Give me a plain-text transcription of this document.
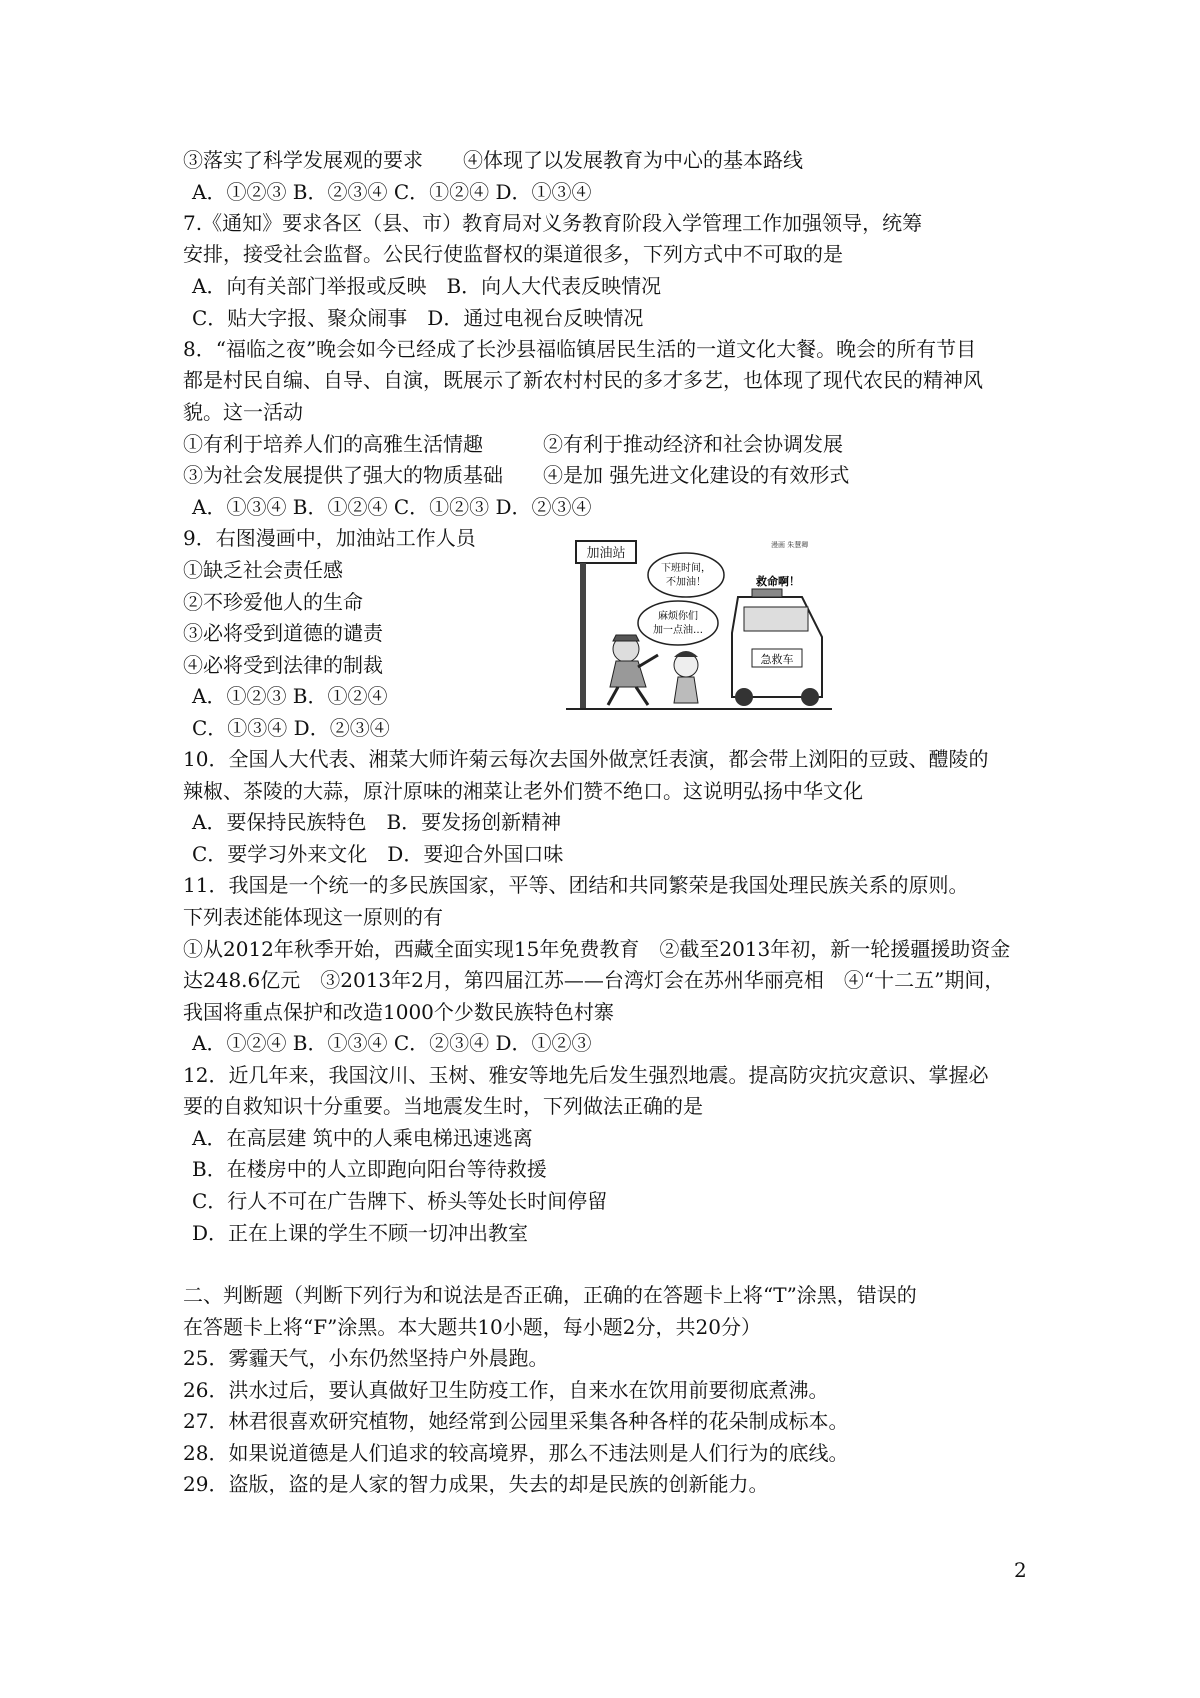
③落实了科学发展观的要求　　④体现了以发展教育为中心的基本路线
A．①②③ B．②③④ C．①②④ D．①③④
7.《通知》要求各区（县、市）教育局对义务教育阶段入学管理工作加强领导，统筹
安排，接受社会监督。公民行使监督权的渠道很多，下列方式中不可取的是
A．向有关部门举报或反映　B．向人大代表反映情况
C．贴大字报、聚众闹事　D．通过电视台反映情况
8．“福临之夜”晚会如今已经成了长沙县福临镇居民生活的一道文化大餐。晚会的所有节目
都是村民自编、自导、自演，既展示了新农村村民的多才多艺，也体现了现代农民的精神风
貌。这一活动
①有利于培养人们的高雅生活情趣　　　②有利于推动经济和社会协调发展
③为社会发展提供了强大的物质基础　　④是加 强先进文化建设的有效形式
A．①③④ B．①②④ C．①②③ D．②③④
9．右图漫画中，加油站工作人员
①缺乏社会责任感
②不珍爱他人的生命
③必将受到道德的谴责
④必将受到法律的制裁
A．①②③ B．①②④
C．①③④ D．②③④
10．全国人大代表、湘菜大师许菊云每次去国外做烹饪表演，都会带上浏阳的豆豉、醴陵的
辣椒、茶陵的大蒜，原汁原味的湘菜让老外们赞不绝口。这说明弘扬中华文化
A．要保持民族特色　B．要发扬创新精神
C．要学习外来文化　D．要迎合外国口味
11．我国是一个统一的多民族国家，平等、团结和共同繁荣是我国处理民族关系的原则。
下列表述能体现这一原则的有
①从2012年秋季开始，西藏全面实现15年免费教育　②截至2013年初，新一轮援疆援助资金
达248.6亿元　③2013年2月，第四届江苏——台湾灯会在苏州华丽亮相　④“十二五”期间，
我国将重点保护和改造1000个少数民族特色村寨
A．①②④ B．①③④ C．②③④ D．①②③
12．近几年来，我国汶川、玉树、雅安等地先后发生强烈地震。提高防灾抗灾意识、掌握必
要的自救知识十分重要。当地震发生时，下列做法正确的是
A．在高层建 筑中的人乘电梯迅速逃离
B．在楼房中的人立即跑向阳台等待救援
C．行人不可在广告牌下、桥头等处长时间停留
D．正在上课的学生不顾一切冲出教室
二、判断题（判断下列行为和说法是否正确，正确的在答题卡上将“T”涂黑，错误的
在答题卡上将“F”涂黑。本大题共10小题，每小题2分，共20分）
25．雾霾天气，小东仍然坚持户外晨跑。
26．洪水过后，要认真做好卫生防疫工作，自来水在饮用前要彻底煮沸。
27．林君很喜欢研究植物，她经常到公园里采集各种各样的花朵制成标本。
28．如果说道德是人们追求的较高境界，那么不违法则是人们行为的底线。
29．盗版，盗的是人家的智力成果，失去的却是民族的创新能力。
加油站
漫画 朱慧卿
下班时间，
不加油！
麻烦你们
加一点油…
救命啊！
急救车
2
